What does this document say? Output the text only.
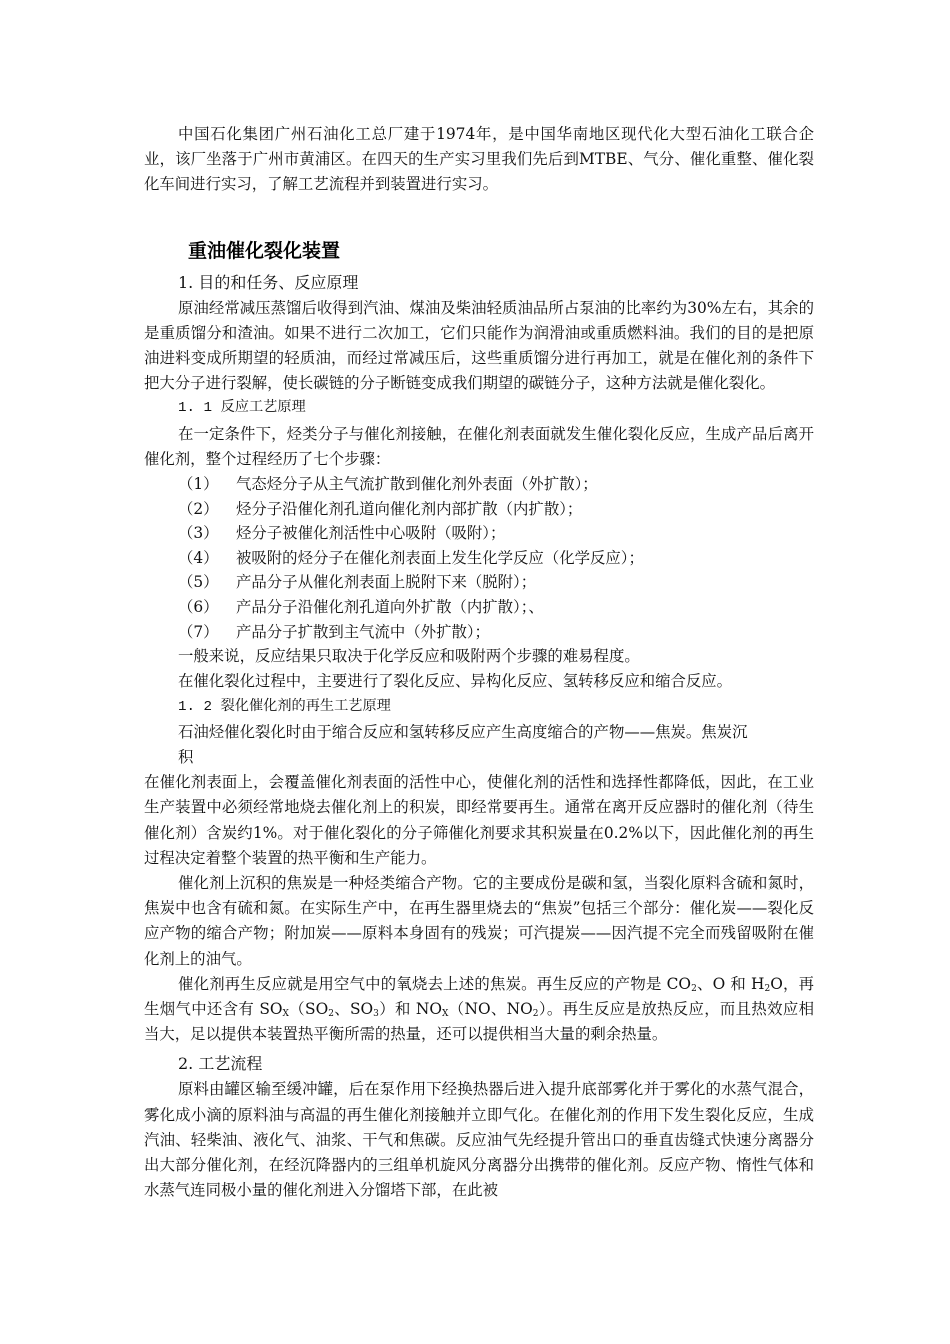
中国石化集团广州石油化工总厂建于1974年，是中国华南地区现代化大型石油化工联合企业，该厂坐落于广州市黄浦区。在四天的生产实习里我们先后到MTBE、气分、催化重整、催化裂化车间进行实习，了解工艺流程并到装置进行实习。

重油催化裂化装置
1. 目的和任务、反应原理

原油经常减压蒸馏后收得到汽油、煤油及柴油轻质油品所占泵油的比率约为30%左右，其余的是重质馏分和渣油。如果不进行二次加工，它们只能作为润滑油或重质燃料油。我们的目的是把原油进料变成所期望的轻质油，而经过常减压后，这些重质馏分进行再加工，就是在催化剂的条件下把大分子进行裂解，使长碳链的分子断链变成我们期望的碳链分子，这种方法就是催化裂化。

1. 1 反应工艺原理

在一定条件下，烃类分子与催化剂接触，在催化剂表面就发生催化裂化反应，生成产品后离开催化剂，整个过程经历了七个步骤：

（1） 气态烃分子从主气流扩散到催化剂外表面（外扩散）；
（2） 烃分子沿催化剂孔道向催化剂内部扩散（内扩散）；
（3） 烃分子被催化剂活性中心吸附（吸附）；
（4） 被吸附的烃分子在催化剂表面上发生化学反应（化学反应）；
（5） 产品分子从催化剂表面上脱附下来（脱附）；
（6） 产品分子沿催化剂孔道向外扩散（内扩散）；、
（7） 产品分子扩散到主气流中（外扩散）；

一般来说，反应结果只取决于化学反应和吸附两个步骤的难易程度。

在催化裂化过程中，主要进行了裂化反应、异构化反应、氢转移反应和缩合反应。

1. 2 裂化催化剂的再生工艺原理

石油烃催化裂化时由于缩合反应和氢转移反应产生高度缩合的产物——焦炭。焦炭沉

积

在催化剂表面上，会覆盖催化剂表面的活性中心，使催化剂的活性和选择性都降低，因此，在工业生产装置中必须经常地烧去催化剂上的积炭，即经常要再生。通常在离开反应器时的催化剂（待生催化剂）含炭约1%。对于催化裂化的分子筛催化剂要求其积炭量在0.2%以下，因此催化剂的再生过程决定着整个装置的热平衡和生产能力。

催化剂上沉积的焦炭是一种烃类缩合产物。它的主要成份是碳和氢，当裂化原料含硫和氮时，焦炭中也含有硫和氮。在实际生产中，在再生器里烧去的“焦炭”包括三个部分：催化炭——裂化反应产物的缩合产物；附加炭——原料本身固有的残炭；可汽提炭——因汽提不完全而残留吸附在催化剂上的油气。

催化剂再生反应就是用空气中的氧烧去上述的焦炭。再生反应的产物是 $CO_2$、O 和 $H_2O$，再生烟气中还含有 $SO_X(SO_2$、$SO_3$）和 $NO_X(NO$、$NO_2$）。再生反应是放热反应，而且热效应相当大，足以提供本装置热平衡所需的热量，还可以提供相当大量的剩余热量。

2. 工艺流程

原料由罐区输至缓冲罐，后在泵作用下经换热器后进入提升底部雾化并于雾化的水蒸气混合，雾化成小滴的原料油与高温的再生催化剂接触并立即气化。在催化剂的作用下发生裂化反应，生成汽油、轻柴油、液化气、油浆、干气和焦碳。反应油气先经提升管出口的垂直齿缝式快速分离器分出大部分催化剂，在经沉降器内的三组单机旋风分离器分出携带的催化剂。反应产物、惰性气体和水蒸气连同极小量的催化剂进入分馏塔下部，在此被
